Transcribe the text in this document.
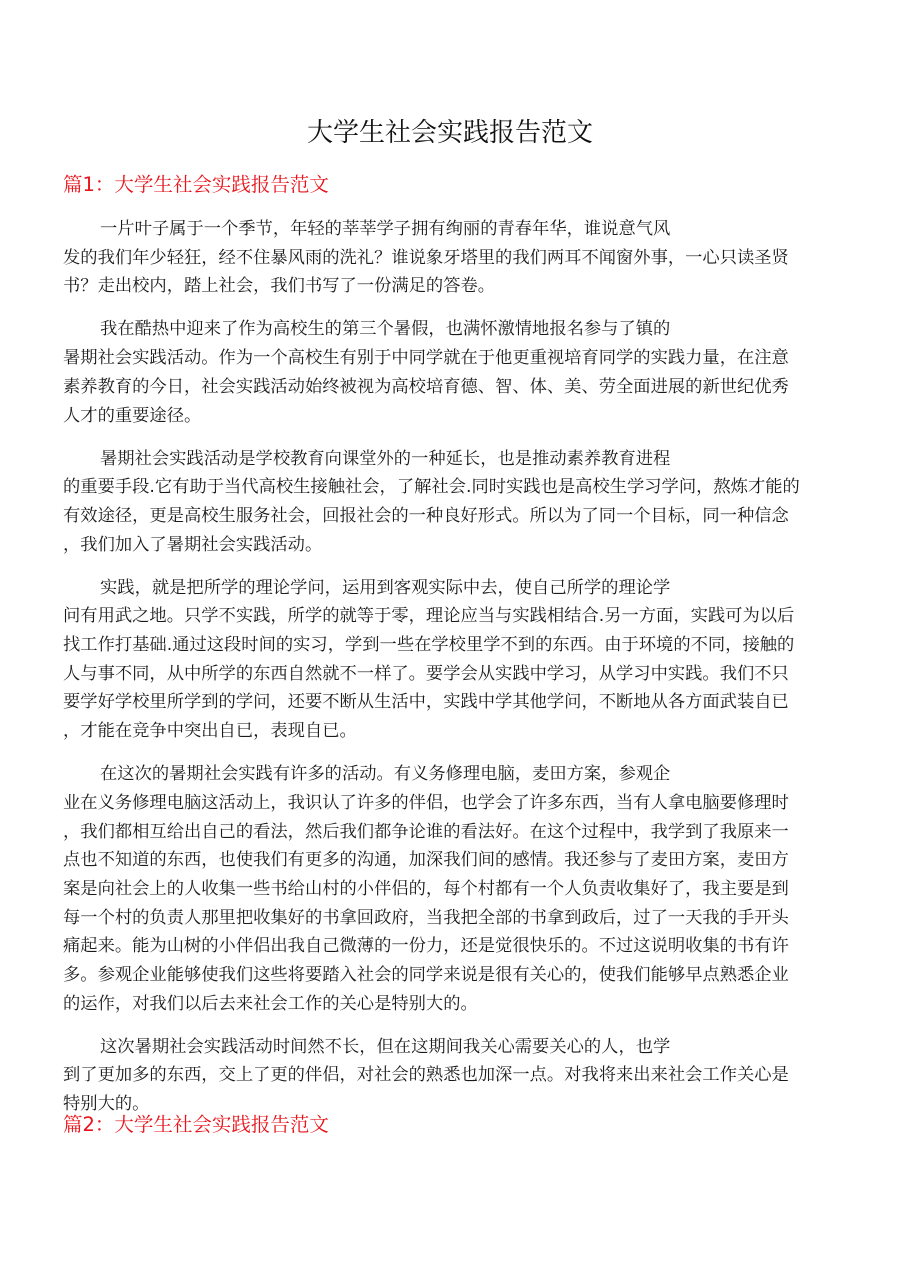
大学生社会实践报告范文
篇1：大学生社会实践报告范文
一片叶子属于一个季节，年轻的莘莘学子拥有绚丽的青春年华，谁说意气风
发的我们年少轻狂，经不住暴风雨的洗礼？谁说象牙塔里的我们两耳不闻窗外事，一心只读圣贤
书？走出校内，踏上社会，我们书写了一份满足的答卷。
我在酷热中迎来了作为高校生的第三个暑假，也满怀激情地报名参与了镇的
暑期社会实践活动。作为一个高校生有别于中同学就在于他更重视培育同学的实践力量，在注意
素养教育的今日，社会实践活动始终被视为高校培育德、智、体、美、劳全面进展的新世纪优秀
人才的重要途径。
暑期社会实践活动是学校教育向课堂外的一种延长，也是推动素养教育进程
的重要手段.它有助于当代高校生接触社会，了解社会.同时实践也是高校生学习学问，熬炼才能的
有效途径，更是高校生服务社会，回报社会的一种良好形式。所以为了同一个目标，同一种信念
，我们加入了暑期社会实践活动。
实践，就是把所学的理论学问，运用到客观实际中去，使自己所学的理论学
问有用武之地。只学不实践，所学的就等于零，理论应当与实践相结合.另一方面，实践可为以后
找工作打基础.通过这段时间的实习，学到一些在学校里学不到的东西。由于环境的不同，接触的
人与事不同，从中所学的东西自然就不一样了。要学会从实践中学习，从学习中实践。我们不只
要学好学校里所学到的学问，还要不断从生活中，实践中学其他学问，不断地从各方面武装自已
，才能在竞争中突出自已，表现自已。
在这次的暑期社会实践有许多的活动。有义务修理电脑，麦田方案，参观企
业在义务修理电脑这活动上，我识认了许多的伴侣，也学会了许多东西，当有人拿电脑要修理时
，我们都相互给出自己的看法，然后我们都争论谁的看法好。在这个过程中，我学到了我原来一
点也不知道的东西，也使我们有更多的沟通，加深我们间的感情。我还参与了麦田方案，麦田方
案是向社会上的人收集一些书给山村的小伴侣的，每个村都有一个人负责收集好了，我主要是到
每一个村的负责人那里把收集好的书拿回政府，当我把全部的书拿到政后，过了一天我的手开头
痛起来。能为山树的小伴侣出我自己微薄的一份力，还是觉很快乐的。不过这说明收集的书有许
多。参观企业能够使我们这些将要踏入社会的同学来说是很有关心的，使我们能够早点熟悉企业
的运作，对我们以后去来社会工作的关心是特别大的。
这次暑期社会实践活动时间然不长，但在这期间我关心需要关心的人，也学
到了更加多的东西，交上了更的伴侣，对社会的熟悉也加深一点。对我将来出来社会工作关心是
特别大的。
篇2：大学生社会实践报告范文
